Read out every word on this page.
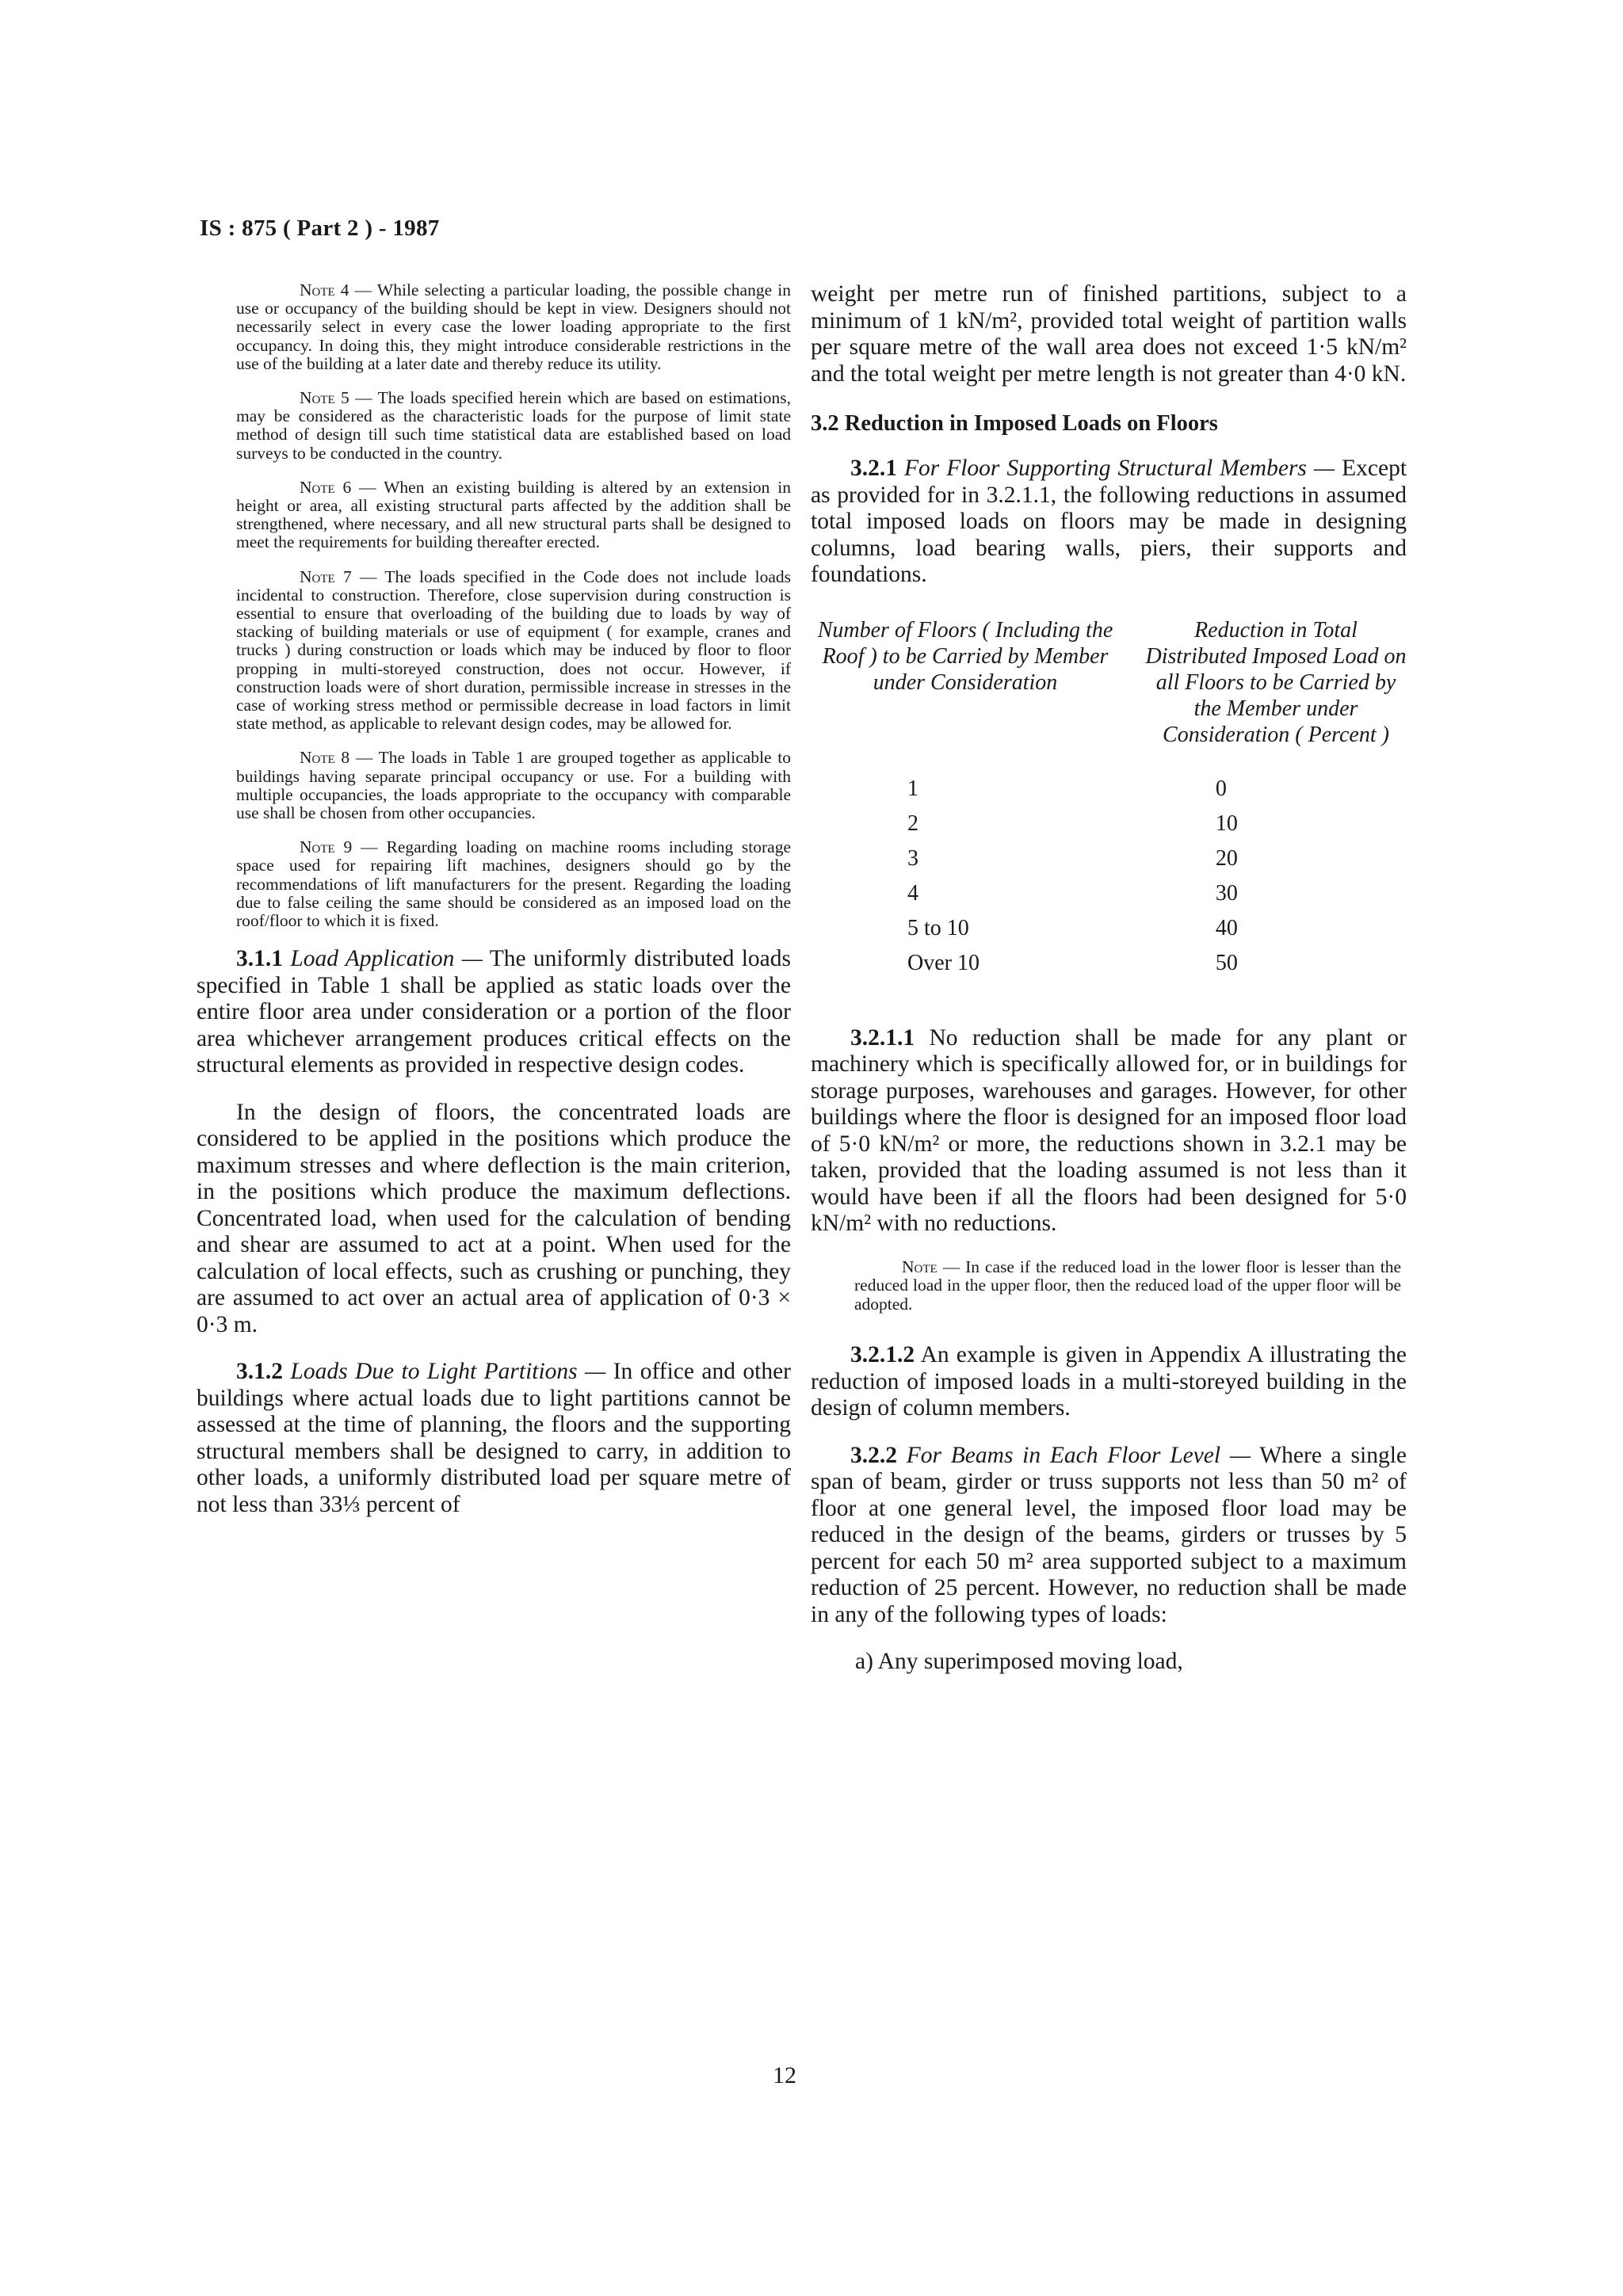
IS : 875 ( Part 2 ) - 1987

Note 4 — While selecting a particular loading, the possible change in use or occupancy of the building should be kept in view. Designers should not necessarily select in every case the lower loading appropriate to the first occupancy. In doing this, they might introduce considerable restrictions in the use of the building at a later date and thereby reduce its utility.

Note 5 — The loads specified herein which are based on estimations, may be considered as the characteristic loads for the purpose of limit state method of design till such time statistical data are established based on load surveys to be conducted in the country.

Note 6 — When an existing building is altered by an extension in height or area, all existing structural parts affected by the addition shall be strengthened, where necessary, and all new structural parts shall be designed to meet the requirements for building thereafter erected.

Note 7 — The loads specified in the Code does not include loads incidental to construction. Therefore, close supervision during construction is essential to ensure that overloading of the building due to loads by way of stacking of building materials or use of equipment ( for example, cranes and trucks ) during construction or loads which may be induced by floor to floor propping in multi-storeyed construction, does not occur. However, if construction loads were of short duration, permissible increase in stresses in the case of working stress method or permissible decrease in load factors in limit state method, as applicable to relevant design codes, may be allowed for.

Note 8 — The loads in Table 1 are grouped together as applicable to buildings having separate principal occupancy or use. For a building with multiple occupancies, the loads appropriate to the occupancy with comparable use shall be chosen from other occupancies.

Note 9 — Regarding loading on machine rooms including storage space used for repairing lift machines, designers should go by the recommendations of lift manufacturers for the present. Regarding the loading due to false ceiling the same should be considered as an imposed load on the roof/floor to which it is fixed.

3.1.1 Load Application — The uniformly distributed loads specified in Table 1 shall be applied as static loads over the entire floor area under consideration or a portion of the floor area whichever arrangement produces critical effects on the structural elements as provided in respective design codes.

In the design of floors, the concentrated loads are considered to be applied in the positions which produce the maximum stresses and where deflection is the main criterion, in the positions which produce the maximum deflections. Concentrated load, when used for the calculation of bending and shear are assumed to act at a point. When used for the calculation of local effects, such as crushing or punching, they are assumed to act over an actual area of application of 0·3 × 0·3 m.

3.1.2 Loads Due to Light Partitions — In office and other buildings where actual loads due to light partitions cannot be assessed at the time of planning, the floors and the supporting structural members shall be designed to carry, in addition to other loads, a uniformly distributed load per square metre of not less than 33⅓ percent of

weight per metre run of finished partitions, subject to a minimum of 1 kN/m², provided total weight of partition walls per square metre of the wall area does not exceed 1·5 kN/m² and the total weight per metre length is not greater than 4·0 kN.

3.2 Reduction in Imposed Loads on Floors

3.2.1 For Floor Supporting Structural Members — Except as provided for in 3.2.1.1, the following reductions in assumed total imposed loads on floors may be made in designing columns, load bearing walls, piers, their supports and foundations.

Number of Floors ( Including the Roof ) to be Carried by Member under Consideration
Reduction in Total Distributed Imposed Load on all Floors to be Carried by the Member under Consideration ( Percent )
1	0
2	10
3	20
4	30
5 to 10	40
Over 10	50

3.2.1.1 No reduction shall be made for any plant or machinery which is specifically allowed for, or in buildings for storage purposes, warehouses and garages. However, for other buildings where the floor is designed for an imposed floor load of 5·0 kN/m² or more, the reductions shown in 3.2.1 may be taken, provided that the loading assumed is not less than it would have been if all the floors had been designed for 5·0 kN/m² with no reductions.

Note — In case if the reduced load in the lower floor is lesser than the reduced load in the upper floor, then the reduced load of the upper floor will be adopted.

3.2.1.2 An example is given in Appendix A illustrating the reduction of imposed loads in a multi-storeyed building in the design of column members.

3.2.2 For Beams in Each Floor Level — Where a single span of beam, girder or truss supports not less than 50 m² of floor at one general level, the imposed floor load may be reduced in the design of the beams, girders or trusses by 5 percent for each 50 m² area supported subject to a maximum reduction of 25 percent. However, no reduction shall be made in any of the following types of loads:

a) Any superimposed moving load,
12
